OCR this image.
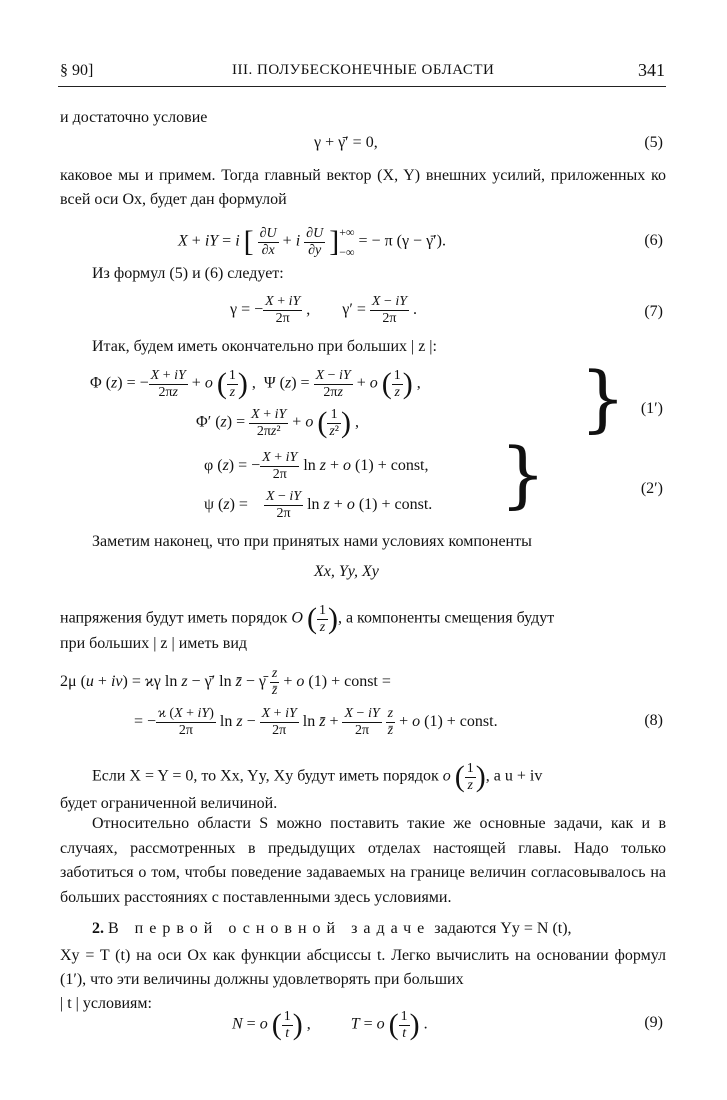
§ 90]	III. ПОЛУБЕСКОНЕЧНЫЕ ОБЛАСТИ	341
и достаточно условие
γ + γ̄′ = 0,	(5)
каковое мы и примем. Тогда главный вектор (X, Y) внешних усилий, приложенных ко всей оси Ox, будет дан формулой
X + iY = i [ $\frac{\partial U}{\partial x} + i \frac{\partial U}{\partial y}$ ] +∞
−∞
= − π (γ − γ̄′).	(6)
Из формул (5) и (6) следует:
γ = − $\frac{X + iY}{2\pi}$ ,        $\gamma' = \frac{X - iY}{2\pi}$ .	(7)
Итак, будем иметь окончательно при больших | z |:
Φ (z) = − $\frac{X + iY}{2\pi z} + o$ ( $\frac{1}{z}$ ) ,  Ψ $(z) = \frac{X - iY}{2\pi z} + o$ ( $\frac{1}{z}$ ) ,
Φ′ $(z) = \frac{X + iY}{\text{2πz²}} + o$ ( $\frac{1}{\text{z²}}$ ) ,	} (1′)
φ (z) = − $\frac{X + iY}{2\pi}$ ln z + o (1) + const,
ψ $(z) = \frac{X - iY}{2\pi}$ ln z + o (1) + const. }	(2′)
Заметим наконец, что при принятых нами условиях компоненты
Xx, Yy, Xy
напряжения будут иметь порядок O ( $\frac{1}{z}$ ), а компоненты смещения будут
при больших | z | иметь вид
2μ (u + iv) = ϰγ ln z − γ̄′ ln z̄ − γ̄ $\frac{z}{z̄} + o$ (1) + const =
= − $\frac{ϰ (X + iY)}{2\pi}$ $\ln z - \frac{X + iY}{2\pi}$ ln z̄ + $\frac{X - iY}{2\pi}$
$\frac{z}{z̄} + o$ (1) + const.	(8)
Если X = Y = 0, то Xx, Yy, Xy будут иметь порядок o ( $\frac{1}{z}$ ), а u + iv
будет ограниченной величиной.
Относительно области S можно поставить такие же основные задачи, как и в случаях, рассмотренных в предыдущих отделах настоящей главы. Надо только заботиться о том, чтобы поведение задаваемых на границе величин согласовывалось на больших расстояниях с поставленными здесь условиями.
2. В первой основной задаче задаются Yy = N (t),
Xy = T (t) на оси Ox как функции абсциссы t. Легко вычислить на основании формул (1′), что эти величины должны удовлетворять при больших
| t | условиям:
N = o ( $\frac{1}{t}$ ) ,          T = o ( $\frac{1}{t}$ ) .	(9)
